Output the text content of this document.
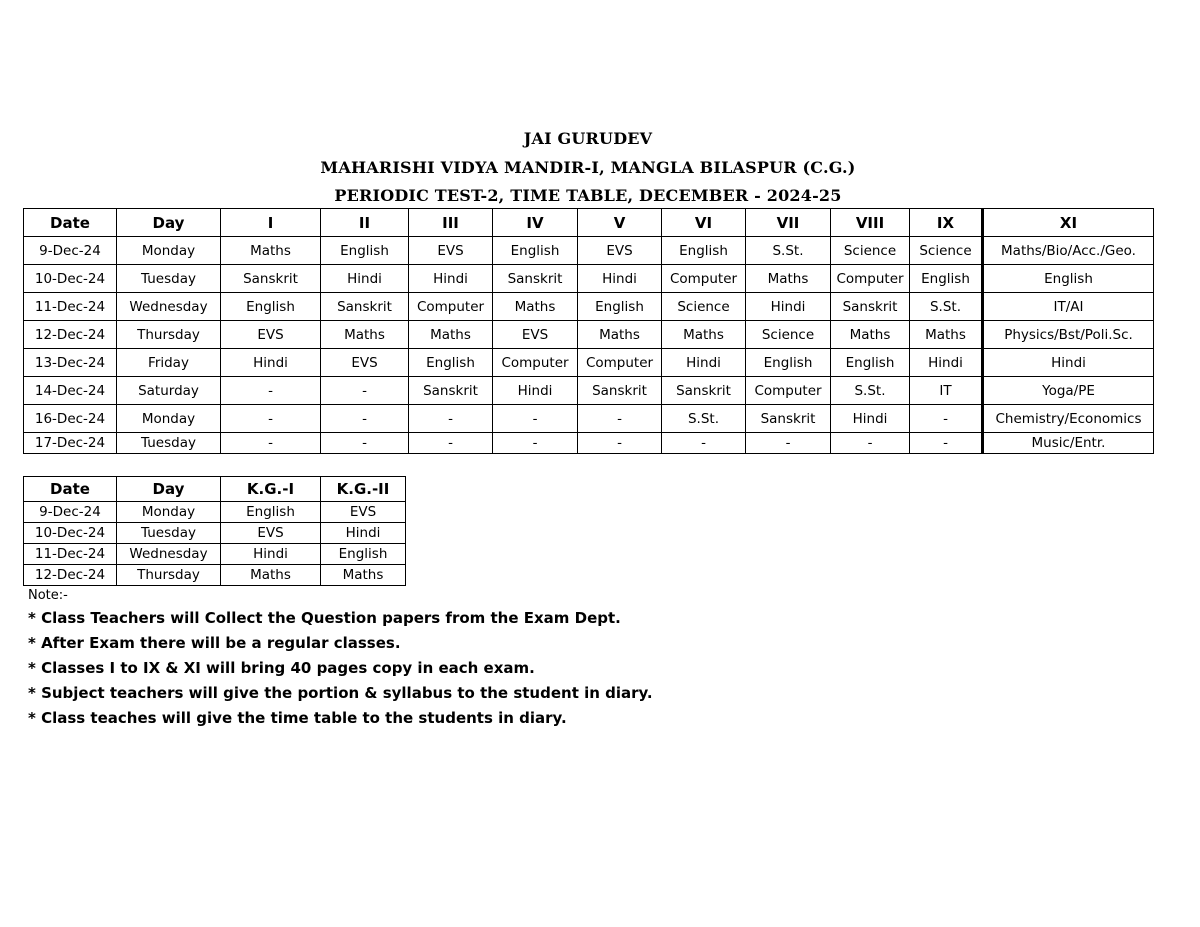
JAI GURUDEV
MAHARISHI VIDYA MANDIR-I, MANGLA BILASPUR (C.G.)
PERIODIC TEST-2, TIME TABLE, DECEMBER - 2024-25
Date	Day	I	II	III	IV	V	VI	VII	VIII	IX	XI
9-Dec-24	Monday	Maths	English	EVS	English	EVS	English	S.St.	Science	Science	Maths/Bio/Acc./Geo.
10-Dec-24	Tuesday	Sanskrit	Hindi	Hindi	Sanskrit	Hindi	Computer	Maths	Computer	English	English
11-Dec-24	Wednesday	English	Sanskrit	Computer	Maths	English	Science	Hindi	Sanskrit	S.St.	IT/AI
12-Dec-24	Thursday	EVS	Maths	Maths	EVS	Maths	Maths	Science	Maths	Maths	Physics/Bst/Poli.Sc.
13-Dec-24	Friday	Hindi	EVS	English	Computer	Computer	Hindi	English	English	Hindi	Hindi
14-Dec-24	Saturday	-	-	Sanskrit	Hindi	Sanskrit	Sanskrit	Computer	S.St.	IT	Yoga/PE
16-Dec-24	Monday	-	-	-	-	-	S.St.	Sanskrit	Hindi	-	Chemistry/Economics
17-Dec-24	Tuesday	-	-	-	-	-	-	-	-	-	Music/Entr.
Date	Day	K.G.-I	K.G.-II
9-Dec-24	Monday	English	EVS
10-Dec-24	Tuesday	EVS	Hindi
11-Dec-24	Wednesday	Hindi	English
12-Dec-24	Thursday	Maths	Maths

Note:-

* Class Teachers will Collect the Question papers from the Exam Dept.

* After Exam there will be a regular classes.

* Classes I to IX & XI will bring 40 pages copy in each exam.

* Subject teachers will give the portion & syllabus to the student in diary.

* Class teaches will give the time table to the students in diary.
